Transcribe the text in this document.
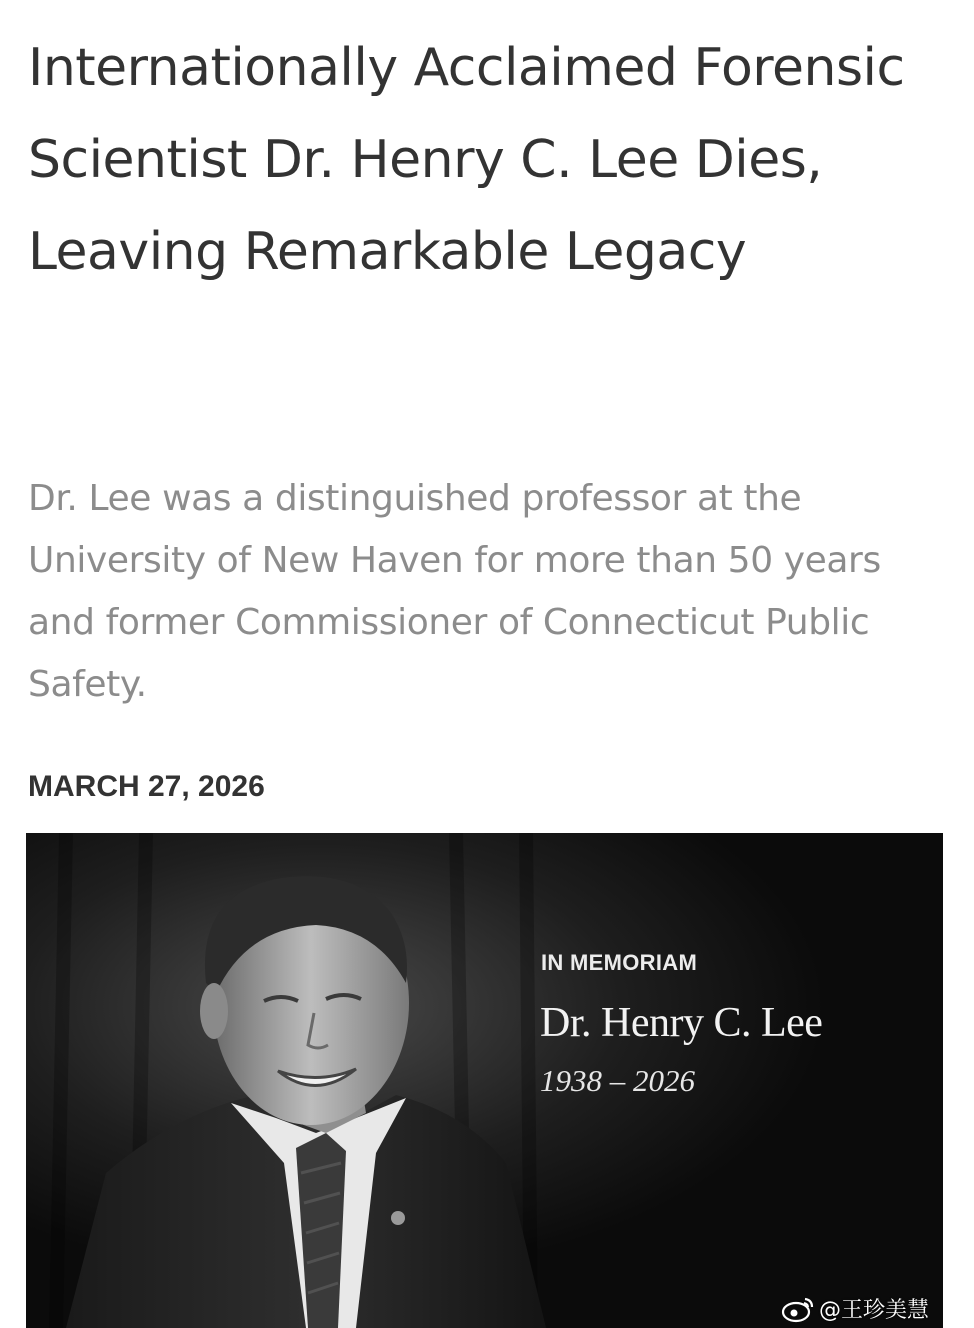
Internationally Acclaimed Forensic Scientist Dr. Henry C. Lee Dies, Leaving Remarkable Legacy

Dr. Lee was a distinguished professor at the University of New Haven for more than 50 years and former Commissioner of Connecticut Public Safety.

MARCH 27, 2026

IN MEMORIAM
Dr. Henry C. Lee
1938 – 2026
@王珍美慧
